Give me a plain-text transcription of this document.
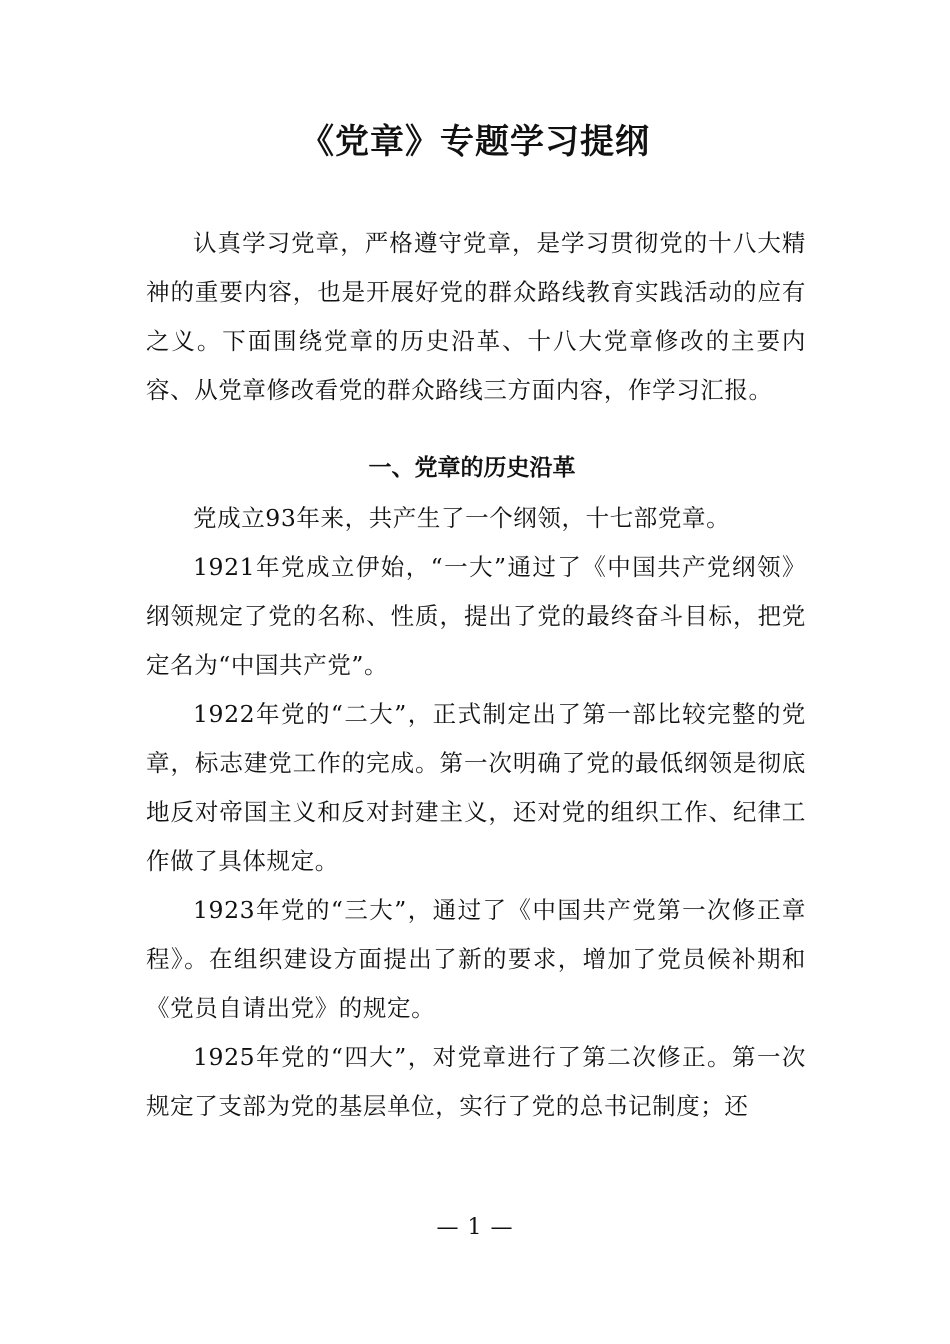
《党章》专题学习提纲

认真学习党章，严格遵守党章，是学习贯彻党的十八大精神的重要内容，也是开展好党的群众路线教育实践活动的应有之义。下面围绕党章的历史沿革、十八大党章修改的主要内容、从党章修改看党的群众路线三方面内容，作学习汇报。

一、党章的历史沿革

党成立93年来，共产生了一个纲领，十七部党章。

1921年党成立伊始，“一大”通过了《中国共产党纲领》纲领规定了党的名称、性质，提出了党的最终奋斗目标，把党定名为“中国共产党”。

1922年党的“二大”，正式制定出了第一部比较完整的党章，标志建党工作的完成。第一次明确了党的最低纲领是彻底地反对帝国主义和反对封建主义，还对党的组织工作、纪律工作做了具体规定。

1923年党的“三大”，通过了《中国共产党第一次修正章程》。在组织建设方面提出了新的要求，增加了党员候补期和《党员自请出党》的规定。

1925年党的“四大”，对党章进行了第二次修正。第一次规定了支部为党的基层单位，实行了党的总书记制度；还

— 1 —
